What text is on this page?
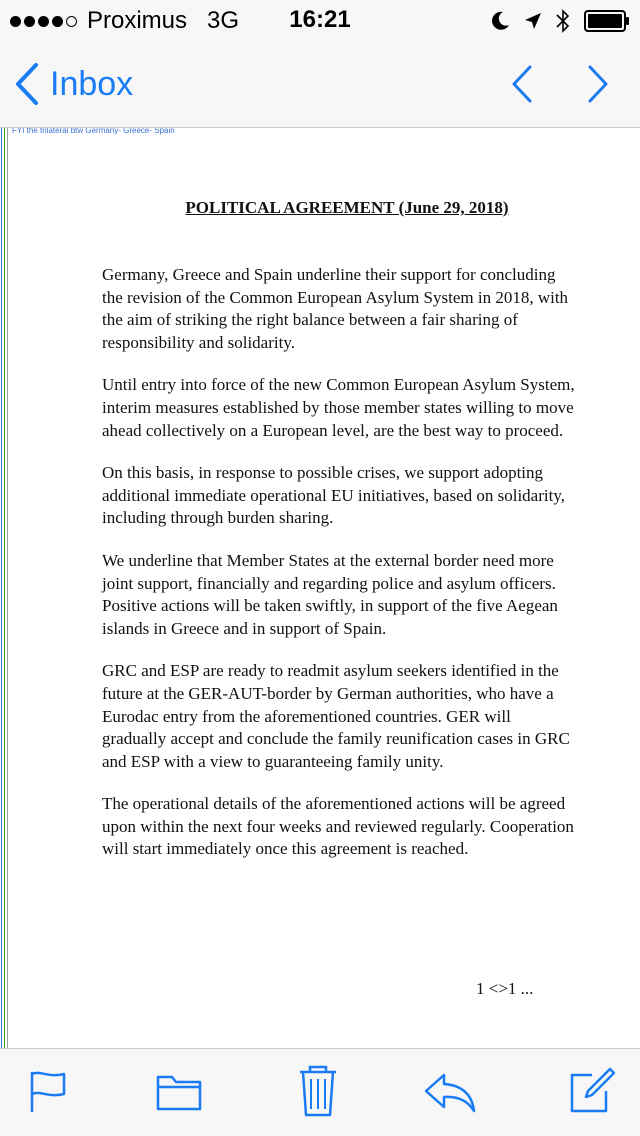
Proximus 3G	16:21
Inbox
FYI the trilateral btw Germany- Greece- Spain
POLITICAL AGREEMENT (June 29, 2018)

Germany, Greece and Spain underline their support for concluding the revision of the Common European Asylum System in 2018, with the aim of striking the right balance between a fair sharing of responsibility and solidarity.

Until entry into force of the new Common European Asylum System, interim measures established by those member states willing to move ahead collectively on a European level, are the best way to proceed.

On this basis, in response to possible crises, we support adopting additional immediate operational EU initiatives, based on solidarity, including through burden sharing.

We underline that Member States at the external border need more joint support, financially and regarding police and asylum officers. Positive actions will be taken swiftly, in support of the five Aegean islands in Greece and in support of Spain.

GRC and ESP are ready to readmit asylum seekers identified in the future at the GER-AUT-border by German authorities, who have a Eurodac entry from the aforementioned countries. GER will gradually accept and conclude the family reunification cases in GRC and ESP with a view to guaranteeing family unity.

The operational details of the aforementioned actions will be agreed upon within the next four weeks and reviewed regularly. Cooperation will start immediately once this agreement is reached.

1 <>1 ...
